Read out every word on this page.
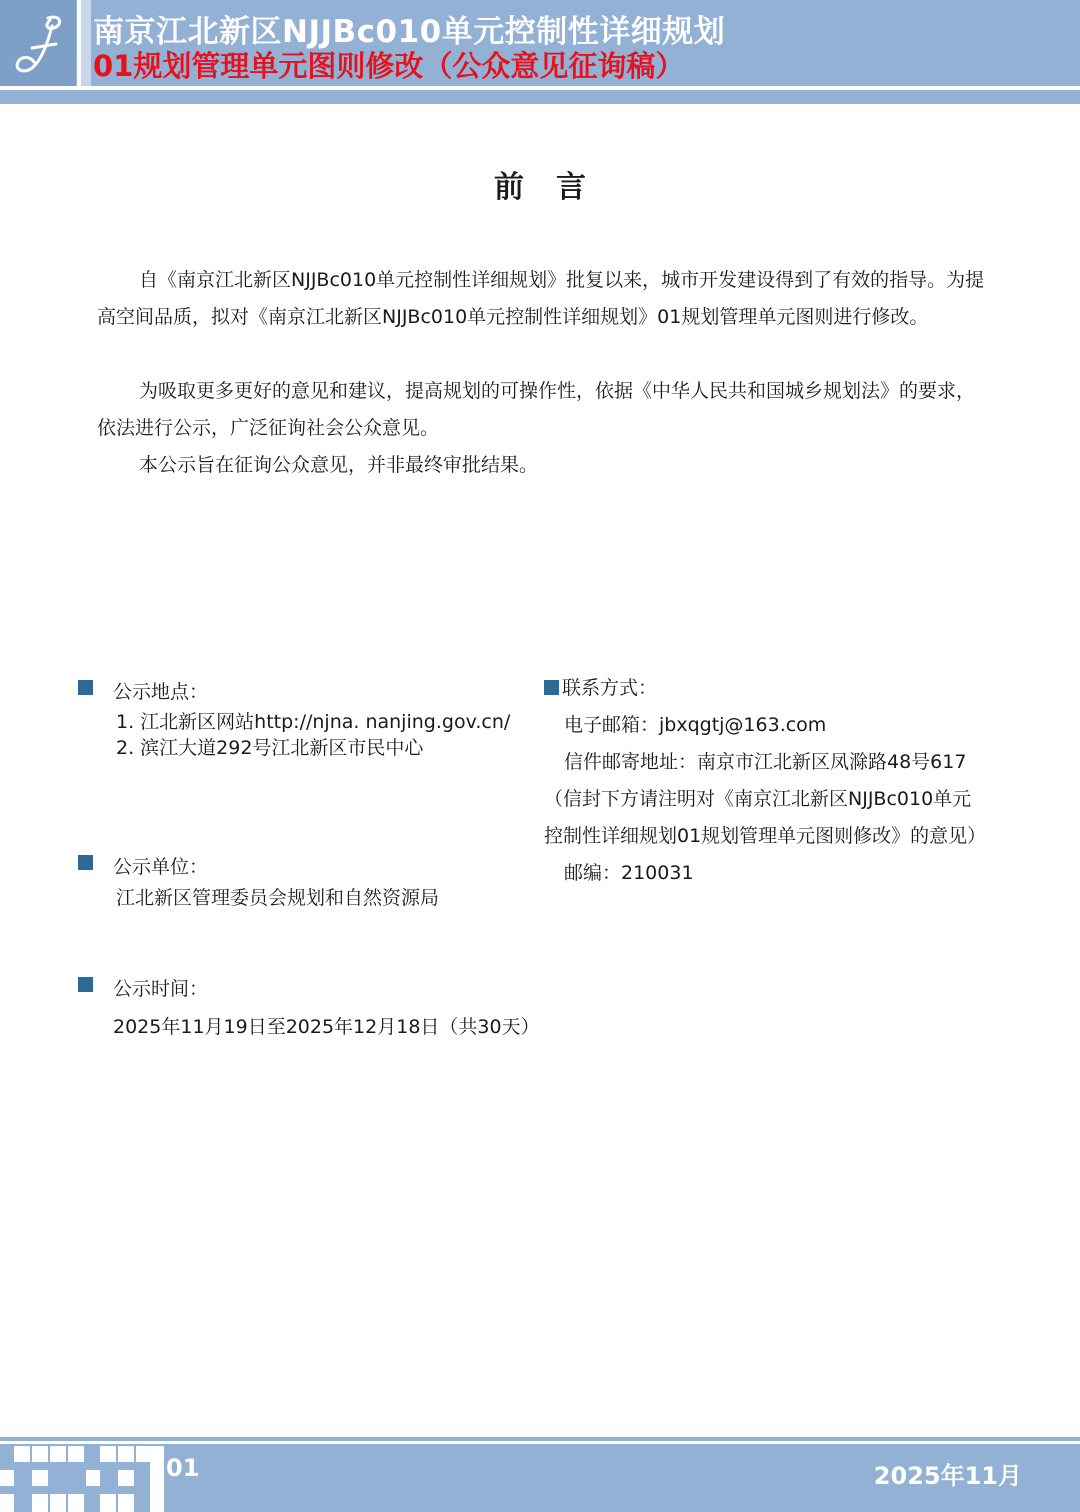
南京江北新区NJJBc010单元控制性详细规划
01规划管理单元图则修改（公众意见征询稿）
前言
自《南京江北新区NJJBc010单元控制性详细规划》批复以来，城市开发建设得到了有效的指导。为提高空间品质，拟对《南京江北新区NJJBc010单元控制性详细规划》01规划管理单元图则进行修改。
为吸取更多更好的意见和建议，提高规划的可操作性，依据《中华人民共和国城乡规划法》的要求，依法进行公示，广泛征询社会公众意见。
本公示旨在征询公众意见，并非最终审批结果。
公示地点：
1. 江北新区网站http://njna. nanjing.gov.cn/
2. 滨江大道292号江北新区市民中心
公示单位：
江北新区管理委员会规划和自然资源局
公示时间：
2025年11月19日至2025年12月18日（共30天）
联系方式：
电子邮箱：jbxqgtj@163.com
信件邮寄地址：南京市江北新区凤滁路48号617
（信封下方请注明对《南京江北新区NJJBc010单元
控制性详细规划01规划管理单元图则修改》的意见）
邮编：210031
01	2025年11月
